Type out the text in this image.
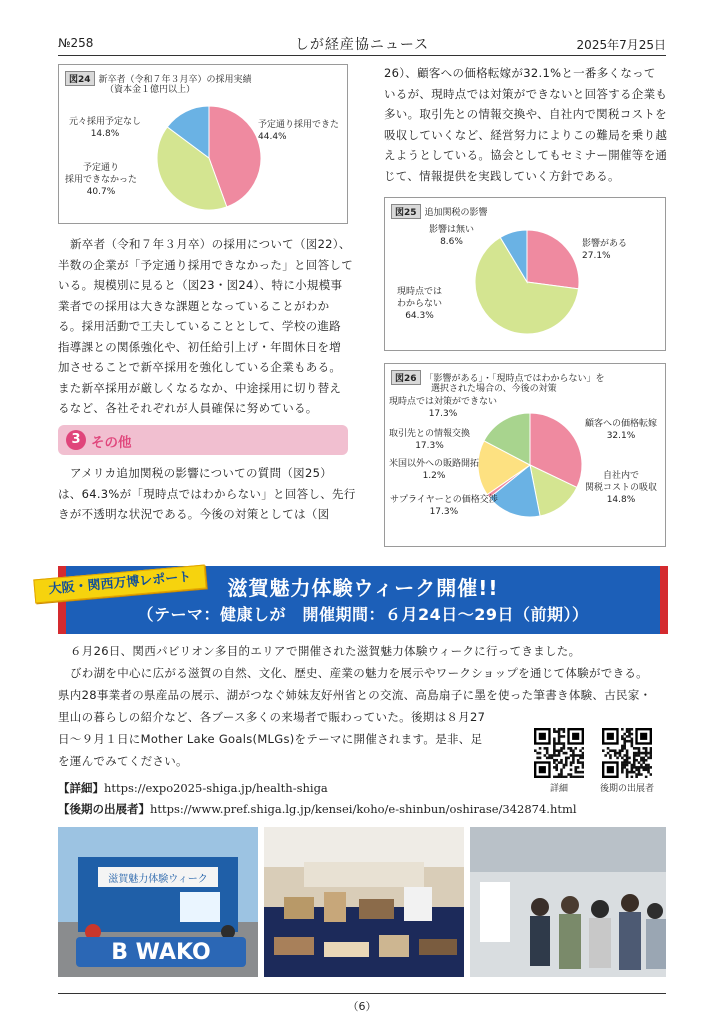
№258	しが経産協ニュース	2025年7月25日
図24 新卒者（令和７年３月卒）の採用実績
（資本金１億円以上）
予定通り採用できた
44.4%
予定通り
採用できなかった
40.7%
元々採用予定なし
14.8%
新卒者（令和７年３月卒）の採用について（図22）、
半数の企業が「予定通り採用できなかった」と回答して
いる。規模別に見ると（図23・図24）、特に小規模事
業者での採用は大きな課題となっていることがわか
る。採用活動で工夫していることとして、学校の進路
指導課との関係強化や、初任給引上げ・年間休日を増
加させることで新卒採用を強化している企業もある。
また新卒採用が厳しくなるなか、中途採用に切り替え
るなど、各社それぞれが人員確保に努めている。
3 その他
アメリカ追加関税の影響についての質問（図25）
は、64.3%が「現時点ではわからない」と回答し、先行
きが不透明な状況である。今後の対策としては（図
26）、顧客への価格転嫁が32.1%と一番多くなって
いるが、現時点では対策ができないと回答する企業も
多い。取引先との情報交換や、自社内で関税コストを
吸収していくなど、経営努力によりこの難局を乗り越
えようとしている。協会としてもセミナー開催等を通
じて、情報提供を実践していく方針である。
図25 追加関税の影響
影響がある
27.1%
現時点では
わからない
64.3%
影響は無い
8.6%
図26 「影響がある」・「現時点ではわからない」を
選択された場合の、今後の対策
顧客への価格転嫁
32.1%
自社内で
関税コストの吸収
14.8%
サプライヤーとの価格交渉
17.3%
米国以外への販路開拓
1.2%
取引先との情報交換
17.3%
現時点では対策ができない
17.3%
滋賀魅力体験ウィーク開催!!
（テーマ：健康しが　開催期間：６月24日～29日（前期））
大阪・関西万博レポート
６月26日、関西パビリオン多目的エリアで開催された滋賀魅力体験ウィークに行ってきました。
びわ湖を中心に広がる滋賀の自然、文化、歴史、産業の魅力を展示やワークショップを通じて体験ができる。
県内28事業者の県産品の展示、湖がつなぐ姉妹友好州省との交流、高島扇子に墨を使った筆書き体験、古民家・
里山の暮らしの紹介など、各ブース多くの来場者で賑わっていた。後期は８月27
日～９月１日にMother Lake Goals(MLGs)をテーマに開催されます。是非、足
を運んでみてください。
詳細	後期の出展者
【詳細】https://expo2025-shiga.jp/health-shiga
【後期の出展者】https://www.pref.shiga.lg.jp/kensei/koho/e-shinbun/oshirase/342874.html
滋賀魅力体験ウィーク
B WAKO
（6）
